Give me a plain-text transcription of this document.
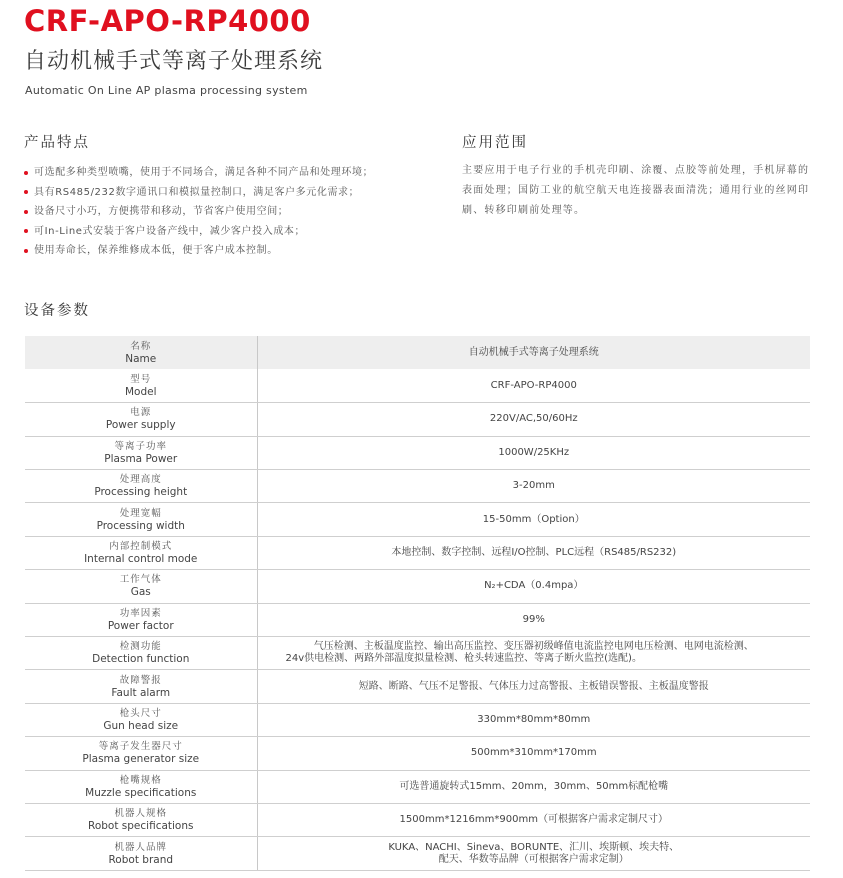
CRF-APO-RP4000
自动机械手式等离子处理系统
Automatic On Line AP plasma processing system
产品特点
可选配多种类型喷嘴，使用于不同场合，满足各种不同产品和处理环境；
具有RS485/232数字通讯口和模拟量控制口，满足客户多元化需求；
设备尺寸小巧，方便携带和移动，节省客户使用空间；
可In-Line式安装于客户设备产线中，减少客户投入成本；
使用寿命长，保养维修成本低，便于客户成本控制。
应用范围
主要应用于电子行业的手机壳印刷、涂覆、点胶等前处理，手机屏幕的表面处理；国防工业的航空航天电连接器表面清洗；通用行业的丝网印刷、转移印刷前处理等。
设备参数
名称
Name	自动机械手式等离子处理系统

型号
Model	CRF-APO-RP4000

电源
Power supply	220V/AC,50/60Hz

等离子功率
Plasma Power	1000W/25KHz

处理高度
Processing height	3-20mm

处理宽幅
Processing width	15-50mm（Option）

内部控制模式
Internal control mode	本地控制、数字控制、远程I/O控制、PLC远程（RS485/RS232)

工作气体
Gas	N₂+CDA（0.4mpa）

功率因素
Power factor	99%

检测功能
Detection function	气压检测、主板温度监控、输出高压监控、变压器初级峰值电流监控电网电压检测、电网电流检测、
24v供电检测、两路外部温度拟量检测、枪头转速监控、等离子断火监控(选配)。

故障警报
Fault alarm	短路、断路、气压不足警报、气体压力过高警报、主板错误警报、主板温度警报

枪头尺寸
Gun head size	330mm*80mm*80mm

等离子发生器尺寸
Plasma generator size	500mm*310mm*170mm

枪嘴规格
Muzzle specifications	可选普通旋转式15mm、20mm，30mm、50mm标配枪嘴

机器人规格
Robot specifications	1500mm*1216mm*900mm（可根据客户需求定制尺寸）

机器人品牌
Robot brand	KUKA、NACHI、Sineva、BORUNTE、汇川、埃斯顿、埃夫特、
配天、华数等品牌（可根据客户需求定制）
